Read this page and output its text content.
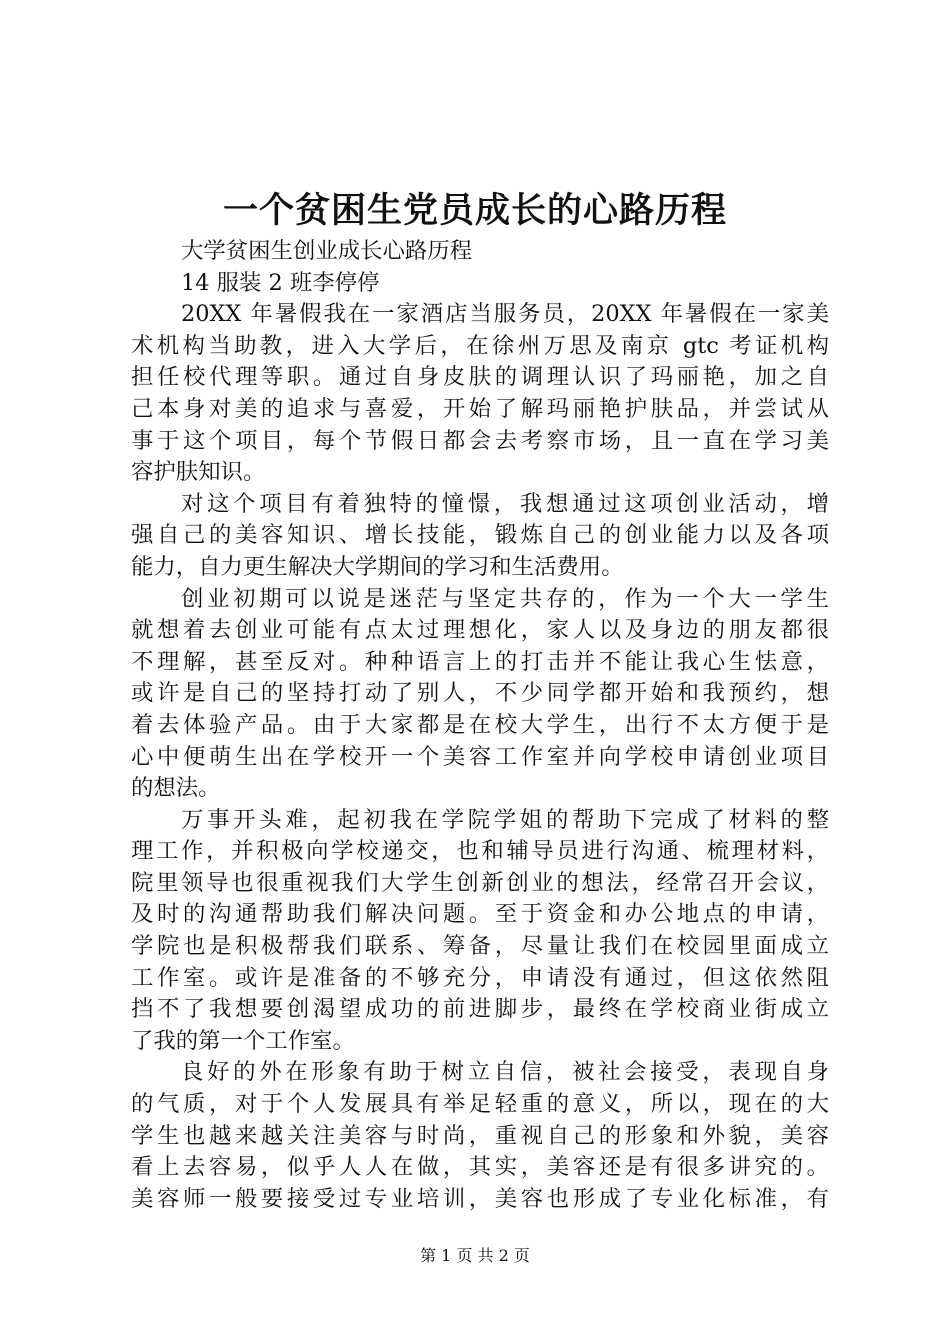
一个贫困生党员成长的心路历程
大学贫困生创业成长心路历程
14 服装 2 班李停停
20XX 年暑假我在一家酒店当服务员，20XX 年暑假在一家美
术机构当助教，进入大学后，在徐州万思及南京 gtc 考证机构
担任校代理等职。通过自身皮肤的调理认识了玛丽艳，加之自
己本身对美的追求与喜爱，开始了解玛丽艳护肤品，并尝试从
事于这个项目，每个节假日都会去考察市场，且一直在学习美
容护肤知识。
对这个项目有着独特的憧憬，我想通过这项创业活动，增
强自己的美容知识、增长技能，锻炼自己的创业能力以及各项
能力，自力更生解决大学期间的学习和生活费用。
创业初期可以说是迷茫与坚定共存的，作为一个大一学生
就想着去创业可能有点太过理想化，家人以及身边的朋友都很
不理解，甚至反对。种种语言上的打击并不能让我心生怯意，
或许是自己的坚持打动了别人，不少同学都开始和我预约，想
着去体验产品。由于大家都是在校大学生，出行不太方便于是
心中便萌生出在学校开一个美容工作室并向学校申请创业项目
的想法。
万事开头难，起初我在学院学姐的帮助下完成了材料的整
理工作，并积极向学校递交，也和辅导员进行沟通、梳理材料，
院里领导也很重视我们大学生创新创业的想法，经常召开会议，
及时的沟通帮助我们解决问题。至于资金和办公地点的申请，
学院也是积极帮我们联系、筹备，尽量让我们在校园里面成立
工作室。或许是准备的不够充分，申请没有通过，但这依然阻
挡不了我想要创渴望成功的前进脚步，最终在学校商业街成立
了我的第一个工作室。
良好的外在形象有助于树立自信，被社会接受，表现自身
的气质，对于个人发展具有举足轻重的意义，所以，现在的大
学生也越来越关注美容与时尚，重视自己的形象和外貌，美容
看上去容易，似乎人人在做，其实，美容还是有很多讲究的。
美容师一般要接受过专业培训，美容也形成了专业化标准，有
第 1 页 共 2 页
